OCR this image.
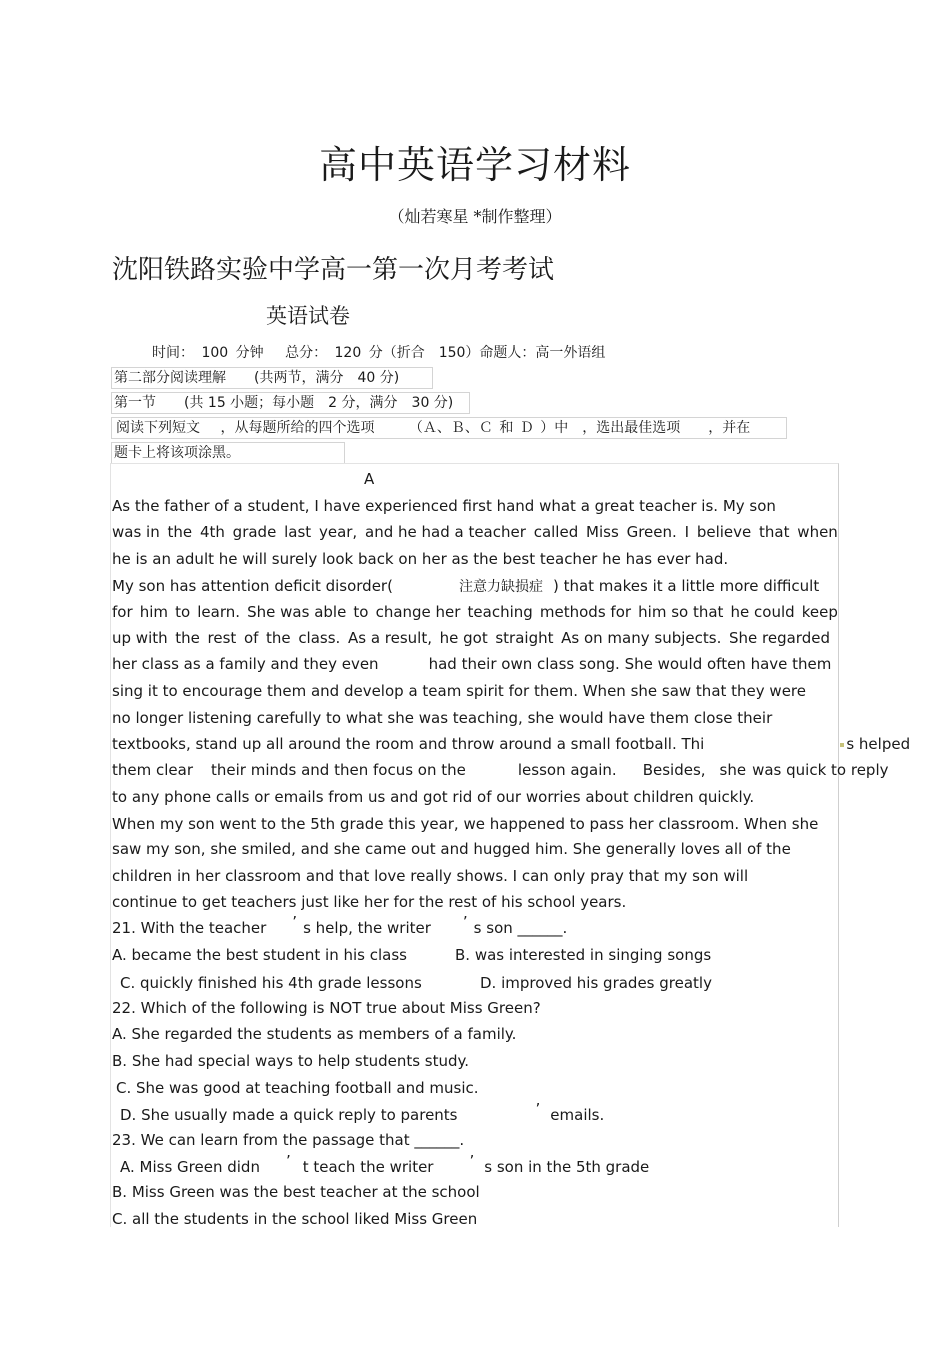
高中英语学习材料
（灿若寒星 *制作整理）
沈阳铁路实验中学高一第一次月考考试
英语试卷
时间： 100 分钟　 总分： 120 分（折合　150）命题人：高一外语组
第二部分阅读理解　　(共两节，满分　40 分)
第一节　　(共 15 小题；每小题　2 分，满分　30 分)
阅读下列短文　 ，从每题所给的四个选项　　 （Ａ、Ｂ、Ｃ 和 Ｄ ）中　，选出最佳选项　　，并在
题卡上将该项涂黑。
A
As the father of a student, I have experienced first hand what a great teacher is. My son
was in the 4th grade last year, and he had a teacher called Miss Green. I believe that when
he is an adult he will surely look back on her as the best teacher he has ever had.
My son has attention deficit disorder(	注意力缺损症 ) that makes it a little more difficult
for him to learn. She was able to change her teaching methods for him so that he could keep
up with the rest of the class. As a result, he got straight As on many subjects. She regarded
her class as a family and they even	had their own class song. She would often have them
sing it to encourage them and develop a team spirit for them. When she saw that they were
no longer listening carefully to what she was teaching, she would have them close their
textbooks, stand up all around the room and throw around a small football. Thi	s helped
them clear their minds and then focus on the	lesson again. Besides, she was quick to reply
to any phone calls or emails from us and got rid of our worries about children quickly.
When my son went to the 5th grade this year, we happened to pass her classroom. When she
saw my son, she smiled, and she came out and hugged him. She generally loves all of the
children in her classroom and that love really shows. I can only pray that my son will
continue to get teachers just like her for the rest of his school years.
21. With the teacher ’ s help, the writer ’ s son ______.
A. became the best student in his class	B. was interested in singing songs
C. quickly finished his 4th grade lessons	D. improved his grades greatly
22. Which of the following is NOT true about Miss Green?
A. She regarded the students as members of a family.
B. She had special ways to help students study.
C. She was good at teaching football and music.
D. She usually made a quick reply to parents	’ emails.
23. We can learn from the passage that ______.
A. Miss Green didn ’ t teach the writer ’ s son in the 5th grade
B. Miss Green was the best teacher at the school
C. all the students in the school liked Miss Green
